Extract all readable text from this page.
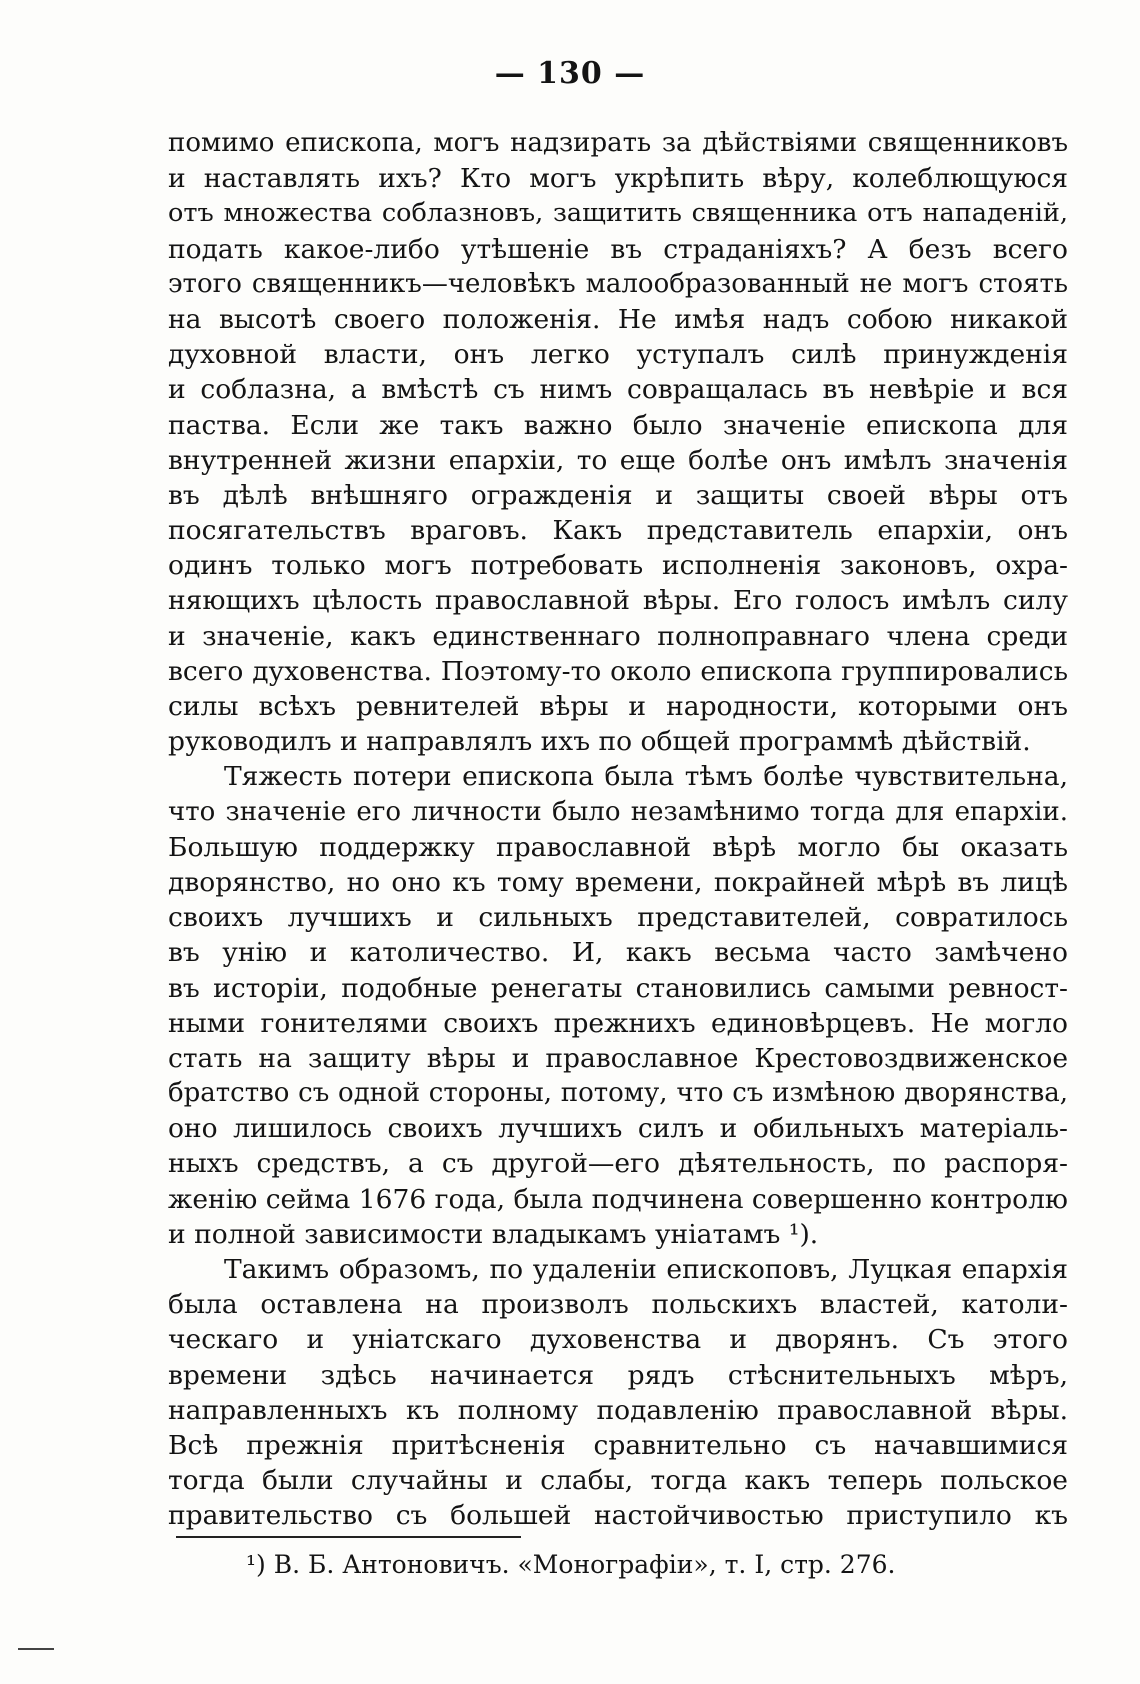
— 130 —
помимо епископа, могъ надзирать за дѣйствіями священниковъ
и наставлять ихъ? Кто могъ укрѣпить вѣру, колеблющуюся
отъ множества соблазновъ, защитить священника отъ нападеній,
подать какое-либо утѣшеніе въ страданіяхъ? А безъ всего
этого священникъ—человѣкъ малообразованный не могъ стоять
на высотѣ своего положенія. Не имѣя надъ собою никакой
духовной власти, онъ легко уступалъ силѣ принужденія
и соблазна, а вмѣстѣ съ нимъ совращалась въ невѣріе и вся
паства. Если же такъ важно было значеніе епископа для
внутренней жизни епархіи, то еще болѣе онъ имѣлъ значенія
въ дѣлѣ внѣшняго огражденія и защиты своей вѣры отъ
посягательствъ враговъ. Какъ представитель епархіи, онъ
одинъ только могъ потребовать исполненія законовъ, охра-
няющихъ цѣлость православной вѣры. Его голосъ имѣлъ силу
и значеніе, какъ единственнаго полноправнаго члена среди
всего духовенства. Поэтому-то около епископа группировались
силы всѣхъ ревнителей вѣры и народности, которыми онъ
руководилъ и направлялъ ихъ по общей программѣ дѣйствій.
Тяжесть потери епископа была тѣмъ болѣе чувствительна,
что значеніе его личности было незамѣнимо тогда для епархіи.
Большую поддержку православной вѣрѣ могло бы оказать
дворянство, но оно къ тому времени, покрайней мѣрѣ въ лицѣ
своихъ лучшихъ и сильныхъ представителей, совратилось
въ унію и католичество. И, какъ весьма часто замѣчено
въ исторіи, подобные ренегаты становились самыми ревност-
ными гонителями своихъ прежнихъ единовѣрцевъ. Не могло
стать на защиту вѣры и православное Крестовоздвиженское
братство съ одной стороны, потому, что съ измѣною дворянства,
оно лишилось своихъ лучшихъ силъ и обильныхъ матеріаль-
ныхъ средствъ, а съ другой—его дѣятельность, по распоря-
женію сейма 1676 года, была подчинена совершенно контролю
и полной зависимости владыкамъ уніатамъ ¹).
Такимъ образомъ, по удаленіи епископовъ, Луцкая епархія
была оставлена на произволъ польскихъ властей, католи-
ческаго и уніатскаго духовенства и дворянъ. Съ этого
времени здѣсь начинается рядъ стѣснительныхъ мѣръ,
направленныхъ къ полному подавленію православной вѣры.
Всѣ прежнія притѣсненія сравнительно съ начавшимися
тогда были случайны и слабы, тогда какъ теперь польское
правительство съ большей настойчивостью приступило къ
¹) В. Б. Антоновичъ. «Монографіи», т. I, стр. 276.
